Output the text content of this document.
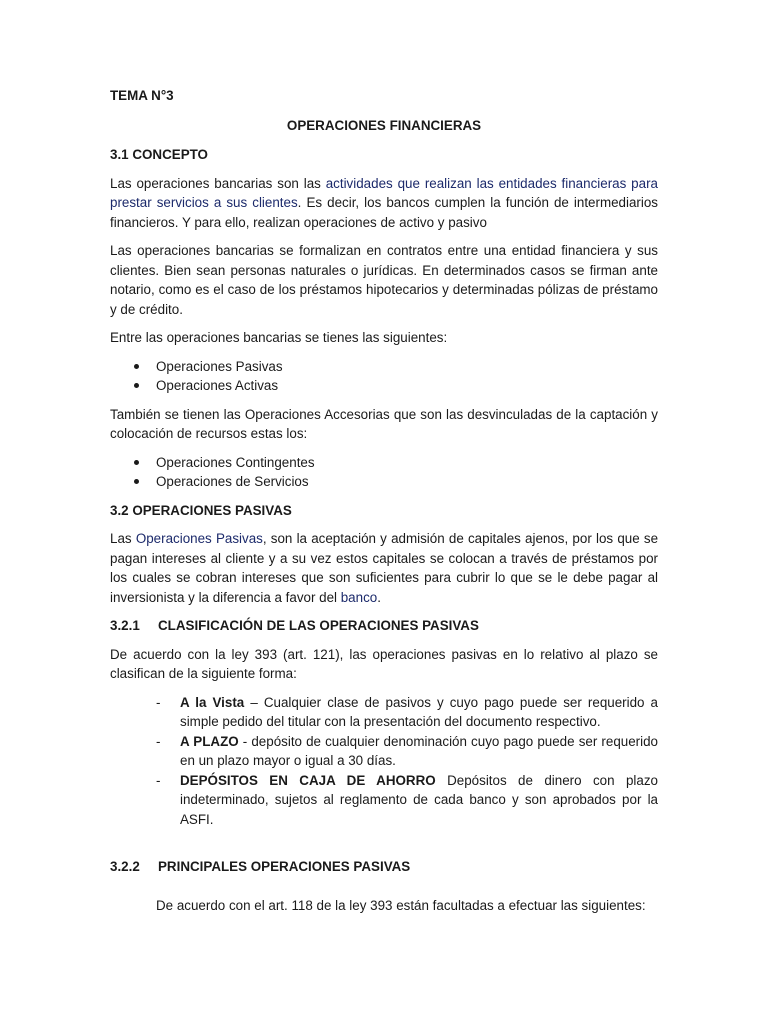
TEMA N°3

OPERACIONES FINANCIERAS

3.1 CONCEPTO

Las operaciones bancarias son las actividades que realizan las entidades financieras para prestar servicios a sus clientes. Es decir, los bancos cumplen la función de intermediarios financieros. Y para ello, realizan operaciones de activo y pasivo

Las operaciones bancarias se formalizan en contratos entre una entidad financiera y sus clientes. Bien sean personas naturales o jurídicas. En determinados casos se firman ante notario, como es el caso de los préstamos hipotecarios y determinadas pólizas de préstamo y de crédito.

Entre las operaciones bancarias se tienes las siguientes:

Operaciones Pasivas
Operaciones Activas

También se tienen las Operaciones Accesorias que son las desvinculadas de la captación y colocación de recursos estas los:

Operaciones Contingentes
Operaciones de Servicios

3.2 OPERACIONES PASIVAS

Las Operaciones Pasivas, son la aceptación y admisión de capitales ajenos, por los que se pagan intereses al cliente y a su vez estos capitales se colocan a través de préstamos por los cuales se cobran intereses que son suficientes para cubrir lo que se le debe pagar al inversionista y la diferencia a favor del banco.

3.2.1	CLASIFICACIÓN DE LAS OPERACIONES PASIVAS

De acuerdo con la ley 393 (art. 121), las operaciones pasivas en lo relativo al plazo se clasifican de la siguiente forma:

- A la Vista – Cualquier clase de pasivos y cuyo pago puede ser requerido a simple pedido del titular con la presentación del documento respectivo.
- A PLAZO - depósito de cualquier denominación cuyo pago puede ser requerido en un plazo mayor o igual a 30 días.
- DEPÓSITOS EN CAJA DE AHORRO Depósitos de dinero con plazo indeterminado, sujetos al reglamento de cada banco y son aprobados por la ASFI.
3.2.2	PRINCIPALES OPERACIONES PASIVAS

De acuerdo con el art. 118 de la ley 393 están facultadas a efectuar las siguientes:
